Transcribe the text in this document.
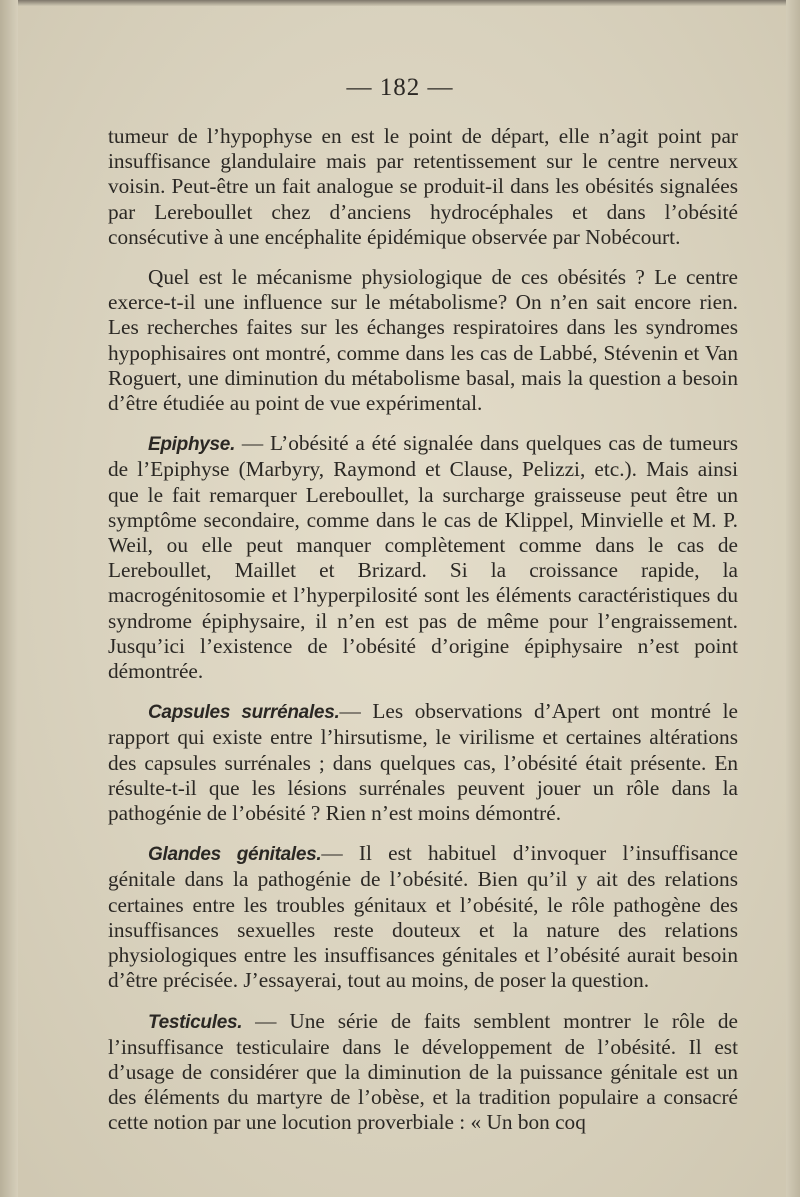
— 182 —

tumeur de l’hypophyse en est le point de départ, elle n’agit point par insuffisance glandulaire mais par retentissement sur le centre nerveux voisin. Peut-être un fait analogue se produit-il dans les obésités signalées par Lereboullet chez d’anciens hydrocéphales et dans l’obésité consécutive à une encéphalite épidémique observée par Nobécourt.

Quel est le mécanisme physiologique de ces obésités ? Le centre exerce-t-il une influence sur le métabolisme? On n’en sait encore rien. Les recherches faites sur les échanges respiratoires dans les syndromes hypophisaires ont montré, comme dans les cas de Labbé, Stévenin et Van Roguert, une diminution du métabolisme basal, mais la question a besoin d’être étudiée au point de vue expérimental.

Epiphyse. — L’obésité a été signalée dans quelques cas de tumeurs de l’Epiphyse (Marbyry, Raymond et Clause, Pelizzi, etc.). Mais ainsi que le fait remarquer Lereboullet, la surcharge graisseuse peut être un symptôme secondaire, comme dans le cas de Klippel, Minvielle et M. P. Weil, ou elle peut manquer complètement comme dans le cas de Lereboullet, Maillet et Brizard. Si la croissance rapide, la macrogénitosomie et l’hyperpilosité sont les éléments caractéristiques du syndrome épiphysaire, il n’en est pas de même pour l’engraissement. Jusqu’ici l’existence de l’obésité d’origine épiphysaire n’est point démontrée.

Capsules surrénales.— Les observations d’Apert ont montré le rapport qui existe entre l’hirsutisme, le virilisme et certaines altérations des capsules surrénales ; dans quelques cas, l’obésité était présente. En résulte-t-il que les lésions surrénales peuvent jouer un rôle dans la pathogénie de l’obésité ? Rien n’est moins démontré.

Glandes génitales.— Il est habituel d’invoquer l’insuffisance génitale dans la pathogénie de l’obésité. Bien qu’il y ait des relations certaines entre les troubles génitaux et l’obésité, le rôle pathogène des insuffisances sexuelles reste douteux et la nature des relations physiologiques entre les insuffisances génitales et l’obésité aurait besoin d’être précisée. J’essayerai, tout au moins, de poser la question.

Testicules. — Une série de faits semblent montrer le rôle de l’insuffisance testiculaire dans le développement de l’obésité. Il est d’usage de considérer que la diminution de la puissance génitale est un des éléments du martyre de l’obèse, et la tradition populaire a consacré cette notion par une locution proverbiale : « Un bon coq
